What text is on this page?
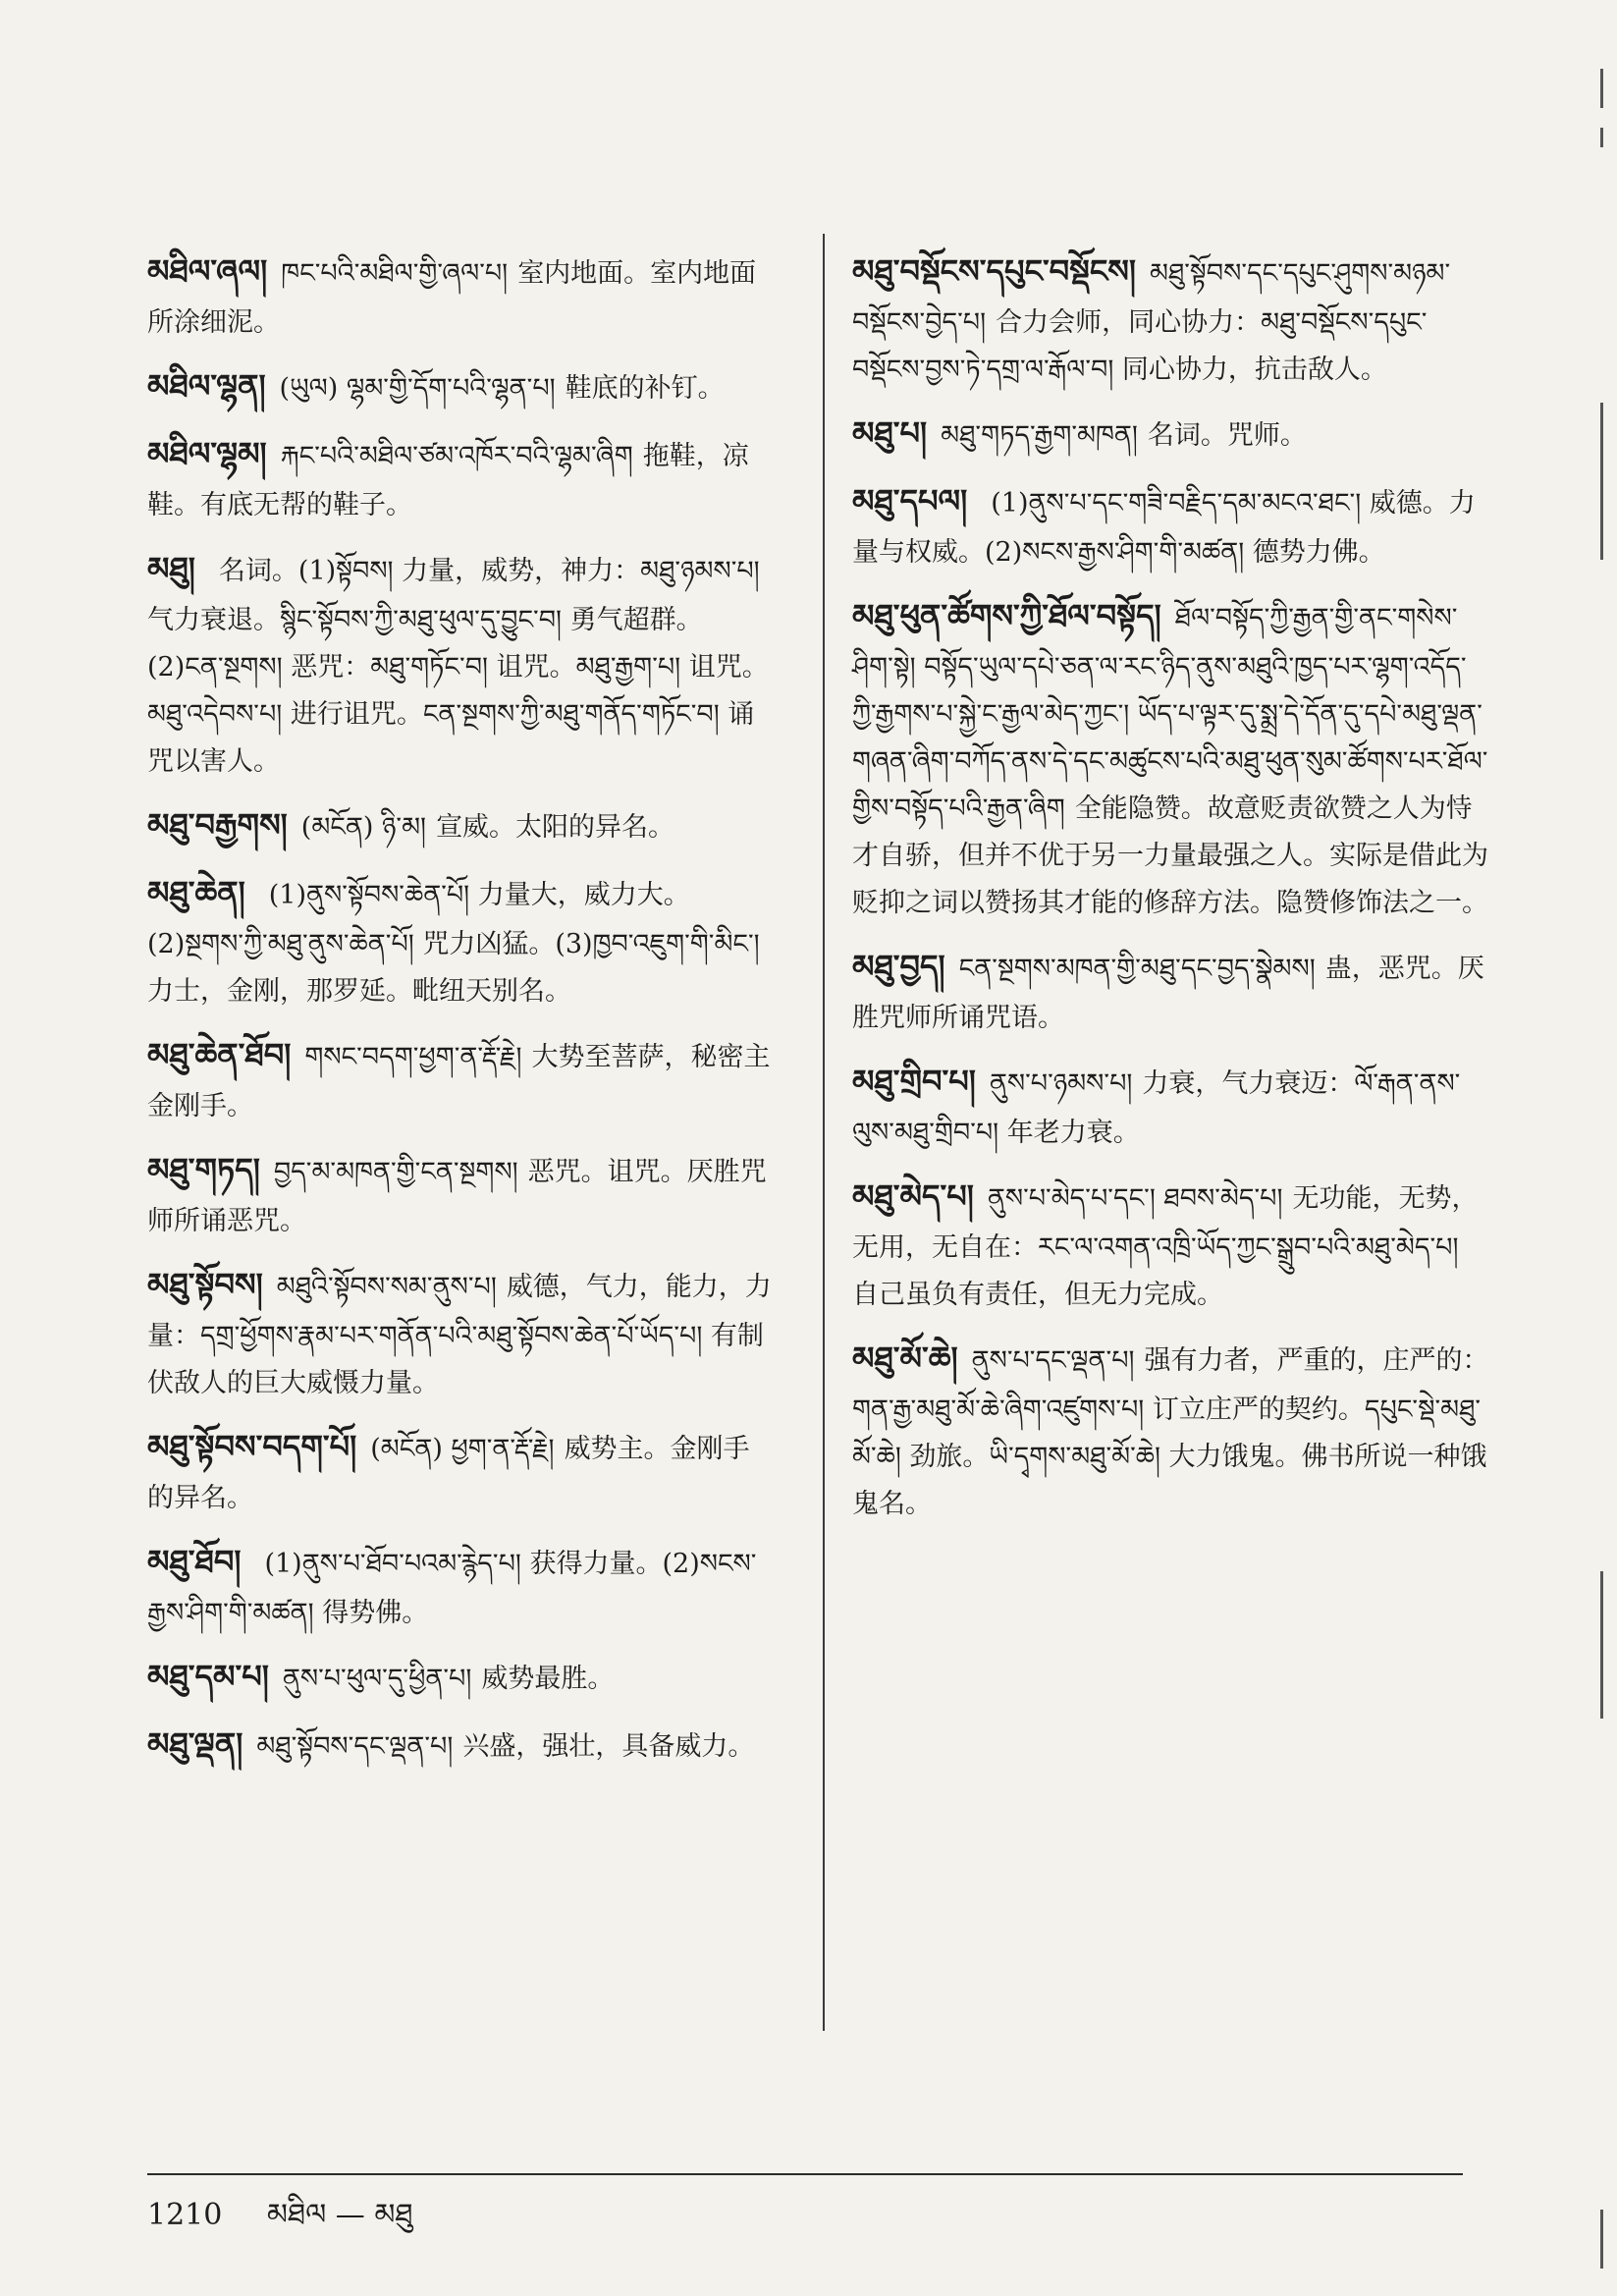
མཐིལ་ཞལ། ཁང་པའི་མཐིལ་གྱི་ཞལ་པ། 室内地面。室内地面所涂细泥。
མཐིལ་ལྷན། (ཡུལ) ལྷམ་གྱི་དོག་པའི་ལྷན་པ། 鞋底的补钉。
མཐིལ་ལྷམ། རྐང་པའི་མཐིལ་ཙམ་འཁོར་བའི་ལྷམ་ཞིག 拖鞋，凉鞋。有底无帮的鞋子。
མཐུ། 名词。(1)སྟོབས། 力量，威势，神力：མཐུ་ཉམས་པ། 气力衰退。སྙིང་སྟོབས་ཀྱི་མཐུ་ཕུལ་དུ་བྱུང་བ། 勇气超群。(2)ངན་སྔགས། 恶咒：མཐུ་གཏོང་བ། 诅咒。མཐུ་རྒྱག་པ། 诅咒。མཐུ་འདེབས་པ། 进行诅咒。ངན་སྔགས་ཀྱི་མཐུ་གནོད་གཏོང་བ། 诵咒以害人。
མཐུ་བརྒྱགས། (མངོན) ཉི་མ། 宣威。太阳的异名。
མཐུ་ཆེན། (1)ནུས་སྟོབས་ཆེན་པོ། 力量大，威力大。(2)སྔགས་ཀྱི་མཐུ་ནུས་ཆེན་པོ། 咒力凶猛。(3)ཁྱབ་འཇུག་གི་མིང་། 力士，金刚，那罗延。毗纽天别名。
མཐུ་ཆེན་ཐོབ། གསང་བདག་ཕྱག་ན་རྡོ་རྗེ། 大势至菩萨，秘密主金刚手。
མཐུ་གཏད། བྱད་མ་མཁན་གྱི་ངན་སྔགས། 恶咒。诅咒。厌胜咒师所诵恶咒。
མཐུ་སྟོབས། མཐུའི་སྟོབས་སམ་ནུས་པ། 威德，气力，能力，力量：དགྲ་ཕྱོགས་རྣམ་པར་གནོན་པའི་མཐུ་སྟོབས་ཆེན་པོ་ཡོད་པ། 有制伏敌人的巨大威慑力量。
མཐུ་སྟོབས་བདག་པོ། (མངོན) ཕྱག་ན་རྡོ་རྗེ། 威势主。金刚手的异名。
མཐུ་ཐོབ། (1)ནུས་པ་ཐོབ་པའམ་རྙེད་པ། 获得力量。(2)སངས་རྒྱས་ཤིག་གི་མཚན། 得势佛。
མཐུ་དམ་པ། ནུས་པ་ཕུལ་དུ་ཕྱིན་པ། 威势最胜。
མཐུ་ལྡན། མཐུ་སྟོབས་དང་ལྡན་པ། 兴盛，强壮，具备威力。
མཐུ་བསྡོངས་དཔུང་བསྡོངས། མཐུ་སྟོབས་དང་དཔུང་ཤུགས་མཉམ་བསྡོངས་བྱེད་པ། 合力会师，同心协力：མཐུ་བསྡོངས་དཔུང་བསྡོངས་བྱས་ཏེ་དགྲ་ལ་རྒོལ་བ། 同心协力，抗击敌人。
མཐུ་པ། མཐུ་གཏད་རྒྱག་མཁན། 名词。咒师。
མཐུ་དཔལ། (1)ནུས་པ་དང་གཟི་བརྗིད་དམ་མངའ་ཐང་། 威德。力量与权威。(2)སངས་རྒྱས་ཤིག་གི་མཚན། 德势力佛。
མཐུ་ཕུན་ཚོགས་ཀྱི་ཐོལ་བསྟོད། ཐོལ་བསྟོད་ཀྱི་རྒྱན་གྱི་ནང་གསེས་ཤིག་སྟེ། བསྟོད་ཡུལ་དཔེ་ཅན་ལ་རང་ཉིད་ནུས་མཐུའི་ཁྱད་པར་ལྷག་འདོད་ཀྱི་རྒྱགས་པ་སྐྱེ་ང་རྒྱལ་མེད་ཀྱང་། ཡོད་པ་ལྟར་དུ་སྨྲ་དེ་དོན་དུ་དཔེ་མཐུ་ལྡན་གཞན་ཞིག་བཀོད་ནས་དེ་དང་མཚུངས་པའི་མཐུ་ཕུན་སུམ་ཚོགས་པར་ཐོལ་གྱིས་བསྟོད་པའི་རྒྱན་ཞིག 全能隐赞。故意贬责欲赞之人为恃才自骄，但并不优于另一力量最强之人。实际是借此为贬抑之词以赞扬其才能的修辞方法。隐赞修饰法之一。
མཐུ་བྱད། ངན་སྔགས་མཁན་གྱི་མཐུ་དང་བྱད་སྣེམས། 蛊，恶咒。厌胜咒师所诵咒语。
མཐུ་གྲིབ་པ། ནུས་པ་ཉམས་པ། 力衰，气力衰迈：ལོ་རྒན་ནས་ལུས་མཐུ་གྲིབ་པ། 年老力衰。
མཐུ་མེད་པ། ནུས་པ་མེད་པ་དང་། ཐབས་མེད་པ། 无功能，无势，无用，无自在：རང་ལ་འགན་འཁྲི་ཡོད་ཀྱང་སྒྲུབ་པའི་མཐུ་མེད་པ། 自己虽负有责任，但无力完成。
མཐུ་མོ་ཆེ། ནུས་པ་དང་ལྡན་པ། 强有力者，严重的，庄严的：གན་རྒྱ་མཐུ་མོ་ཆེ་ཞིག་འཛུགས་པ། 订立庄严的契约。དཔུང་སྡེ་མཐུ་མོ་ཆེ། 劲旅。ཡི་དྭགས་མཐུ་མོ་ཆེ། 大力饿鬼。佛书所说一种饿鬼名。
1210 མཐིལ — མཐུ
